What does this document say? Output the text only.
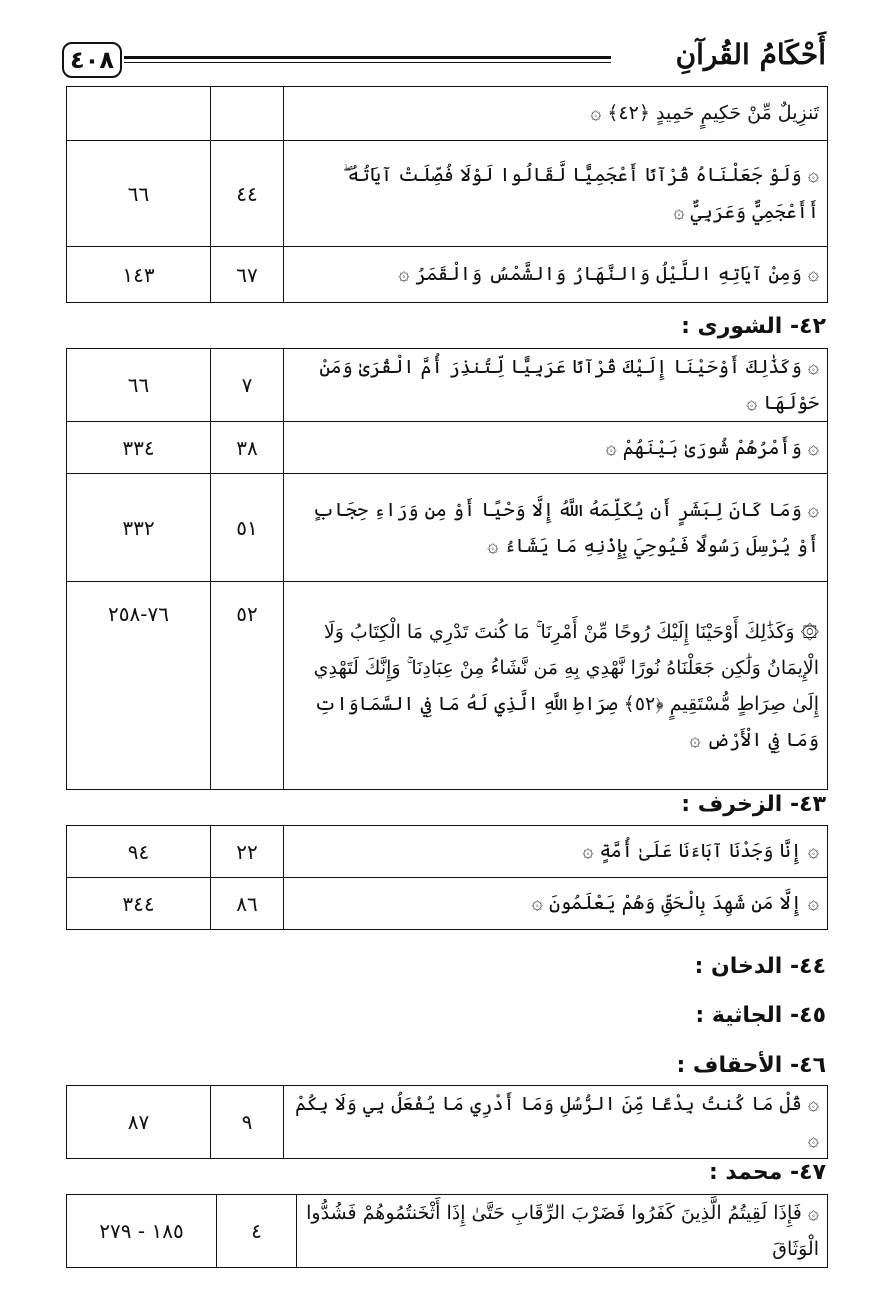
٤٠٨	أَحْكَامُ القُرآنِ
تَنزِيلٌ مِّنْ حَكِيمٍ حَمِيدٍ ﴿٤٢﴾ ۞		
۞ وَلَوْ جَعَلْنَاهُ قُرْآنًا أَعْجَمِيًّا لَّقَالُوا لَوْلَا فُصِّلَتْ آيَاتُهُ ۖ أَأَعْجَمِيٌّ وَعَرَبِيٌّ ۞	٤٤	٦٦
۞ وَمِنْ آيَاتِهِ اللَّيْلُ وَالنَّهَارُ وَالشَّمْسُ وَالْقَمَرُ ۞	٦٧	١٤٣
٤٢- الشورى :
۞ وَكَذَٰلِكَ أَوْحَيْنَا إِلَيْكَ قُرْآنًا عَرَبِيًّا لِّتُنذِرَ أُمَّ الْقُرَىٰ وَمَنْ حَوْلَهَا ۞	٧	٦٦
۞ وَأَمْرُهُمْ شُورَىٰ بَيْنَهُمْ ۞	٣٨	٣٣٤
۞ وَمَا كَانَ لِبَشَرٍ أَن يُكَلِّمَهُ اللَّهُ إِلَّا وَحْيًا أَوْ مِن وَرَاءِ حِجَابٍ أَوْ يُرْسِلَ رَسُولًا فَيُوحِيَ بِإِذْنِهِ مَا يَشَاءُ ۞	٥١	٣٣٢
۞ وَكَذَٰلِكَ أَوْحَيْنَا إِلَيْكَ رُوحًا مِّنْ أَمْرِنَا ۚ مَا كُنتَ تَدْرِي مَا الْكِتَابُ وَلَا الْإِيمَانُ وَلَٰكِن جَعَلْنَاهُ نُورًا نَّهْدِي بِهِ مَن نَّشَاءُ مِنْ عِبَادِنَا ۚ وَإِنَّكَ لَتَهْدِي إِلَىٰ صِرَاطٍ مُّسْتَقِيمٍ ﴿٥٢﴾ صِرَاطِ اللَّهِ الَّذِي لَهُ مَا فِي السَّمَاوَاتِ وَمَا فِي الْأَرْضِ ۞	٥٢	٧٦-٢٥٨
٤٣- الزخرف :
۞ إِنَّا وَجَدْنَا آبَاءَنَا عَلَىٰ أُمَّةٍ ۞	٢٢	٩٤
۞ إِلَّا مَن شَهِدَ بِالْحَقِّ وَهُمْ يَعْلَمُونَ ۞	٨٦	٣٤٤
٤٤- الدخان :
٤٥- الجاثية :
٤٦- الأحقاف :
۞ قُلْ مَا كُنتُ بِدْعًا مِّنَ الرُّسُلِ وَمَا أَدْرِي مَا يُفْعَلُ بِي وَلَا بِكُمْ ۞	٩	٨٧
٤٧- محمد :
۞ فَإِذَا لَقِيتُمُ الَّذِينَ كَفَرُوا فَضَرْبَ الرِّقَابِ حَتَّىٰ إِذَا أَثْخَنتُمُوهُمْ فَشُدُّوا الْوَثَاقَ	٤	١٨٥ - ٢٧٩
